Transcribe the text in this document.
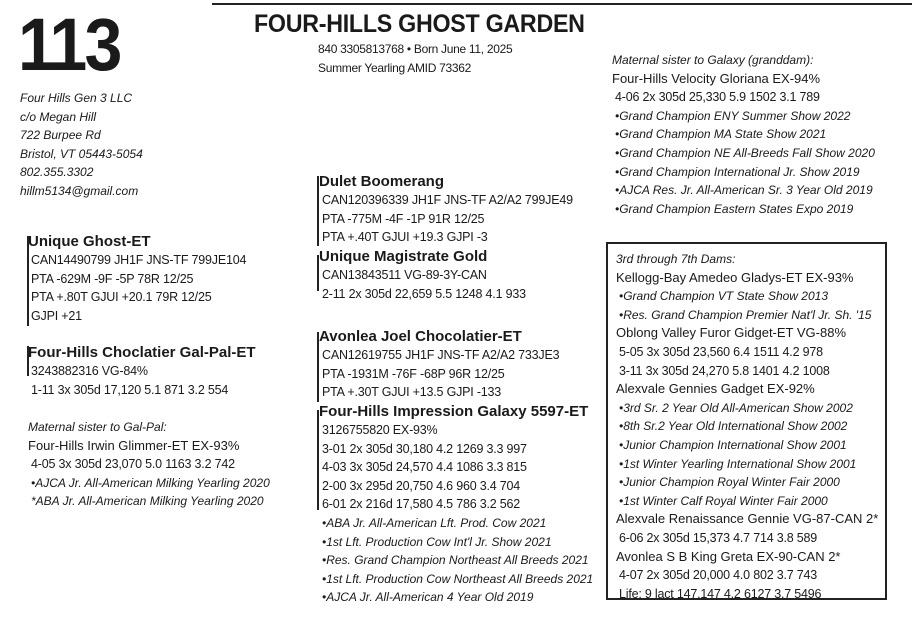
113	FOUR-HILLS GHOST GARDEN
840 3305813768 • Born June 11, 2025
Summer Yearling AMID 73362
Four Hills Gen 3 LLC
c/o Megan Hill
722 Burpee Rd
Bristol, VT 05443-5054
802.355.3302
hillm5134@gmail.com
Unique Ghost-ET
CAN14490799 JH1F JNS-TF 799JE104
PTA -629M -9F -5P 78R 12/25
PTA +.80T GJUI +20.1 79R 12/25
GJPI +21
Four-Hills Choclatier Gal-Pal-ET
3243882316 VG-84%
1-11 3x 305d 17,120 5.1 871 3.2 554
Maternal sister to Gal-Pal:
Four-Hills Irwin Glimmer-ET EX-93%
4-05 3x 305d 23,070 5.0 1163 3.2 742
•AJCA Jr. All-American Milking Yearling 2020
*ABA Jr. All-American Milking Yearling 2020
Dulet Boomerang
CAN120396339 JH1F JNS-TF A2/A2 799JE49
PTA -775M -4F -1P 91R 12/25
PTA +.40T GJUI +19.3 GJPI -3
Unique Magistrate Gold
CAN13843511 VG-89-3Y-CAN
2-11 2x 305d 22,659 5.5 1248 4.1 933
Avonlea Joel Chocolatier-ET
CAN12619755 JH1F JNS-TF A2/A2 733JE3
PTA -1931M -76F -68P 96R 12/25
PTA +.30T GJUI +13.5 GJPI -133
Four-Hills Impression Galaxy 5597-ET
3126755820 EX-93%
3-01 2x 305d 30,180 4.2 1269 3.3 997
4-03 3x 305d 24,570 4.4 1086 3.3 815
2-00 3x 295d 20,750 4.6 960 3.4 704
6-01 2x 216d 17,580 4.5 786 3.2 562
•ABA Jr. All-American Lft. Prod. Cow 2021
•1st Lft. Production Cow Int'l Jr. Show 2021
•Res. Grand Champion Northeast All Breeds 2021
•1st Lft. Production Cow Northeast All Breeds 2021
•AJCA Jr. All-American 4 Year Old 2019
Maternal sister to Galaxy (granddam):
Four-Hills Velocity Gloriana EX-94%
4-06 2x 305d 25,330 5.9 1502 3.1 789
•Grand Champion ENY Summer Show 2022
•Grand Champion MA State Show 2021
•Grand Champion NE All-Breeds Fall Show 2020
•Grand Champion International Jr. Show 2019
•AJCA Res. Jr. All-American Sr. 3 Year Old 2019
•Grand Champion Eastern States Expo 2019
3rd through 7th Dams:
Kellogg-Bay Amedeo Gladys-ET EX-93%
•Grand Champion VT State Show 2013
•Res. Grand Champion Premier Nat'l Jr. Sh. '15
Oblong Valley Furor Gidget-ET VG-88%
5-05 3x 305d 23,560 6.4 1511 4.2 978
3-11 3x 305d 24,270 5.8 1401 4.2 1008
Alexvale Gennies Gadget EX-92%
•3rd Sr. 2 Year Old All-American Show 2002
•8th Sr.2 Year Old International Show 2002
•Junior Champion International Show 2001
•1st Winter Yearling International Show 2001
•Junior Champion Royal Winter Fair 2000
•1st Winter Calf Royal Winter Fair 2000
Alexvale Renaissance Gennie VG-87-CAN 2*
6-06 2x 305d 15,373 4.7 714 3.8 589
Avonlea S B King Greta EX-90-CAN 2*
4-07 2x 305d 20,000 4.0 802 3.7 743
Life: 9 lact 147,147 4.2 6127 3.7 5496
